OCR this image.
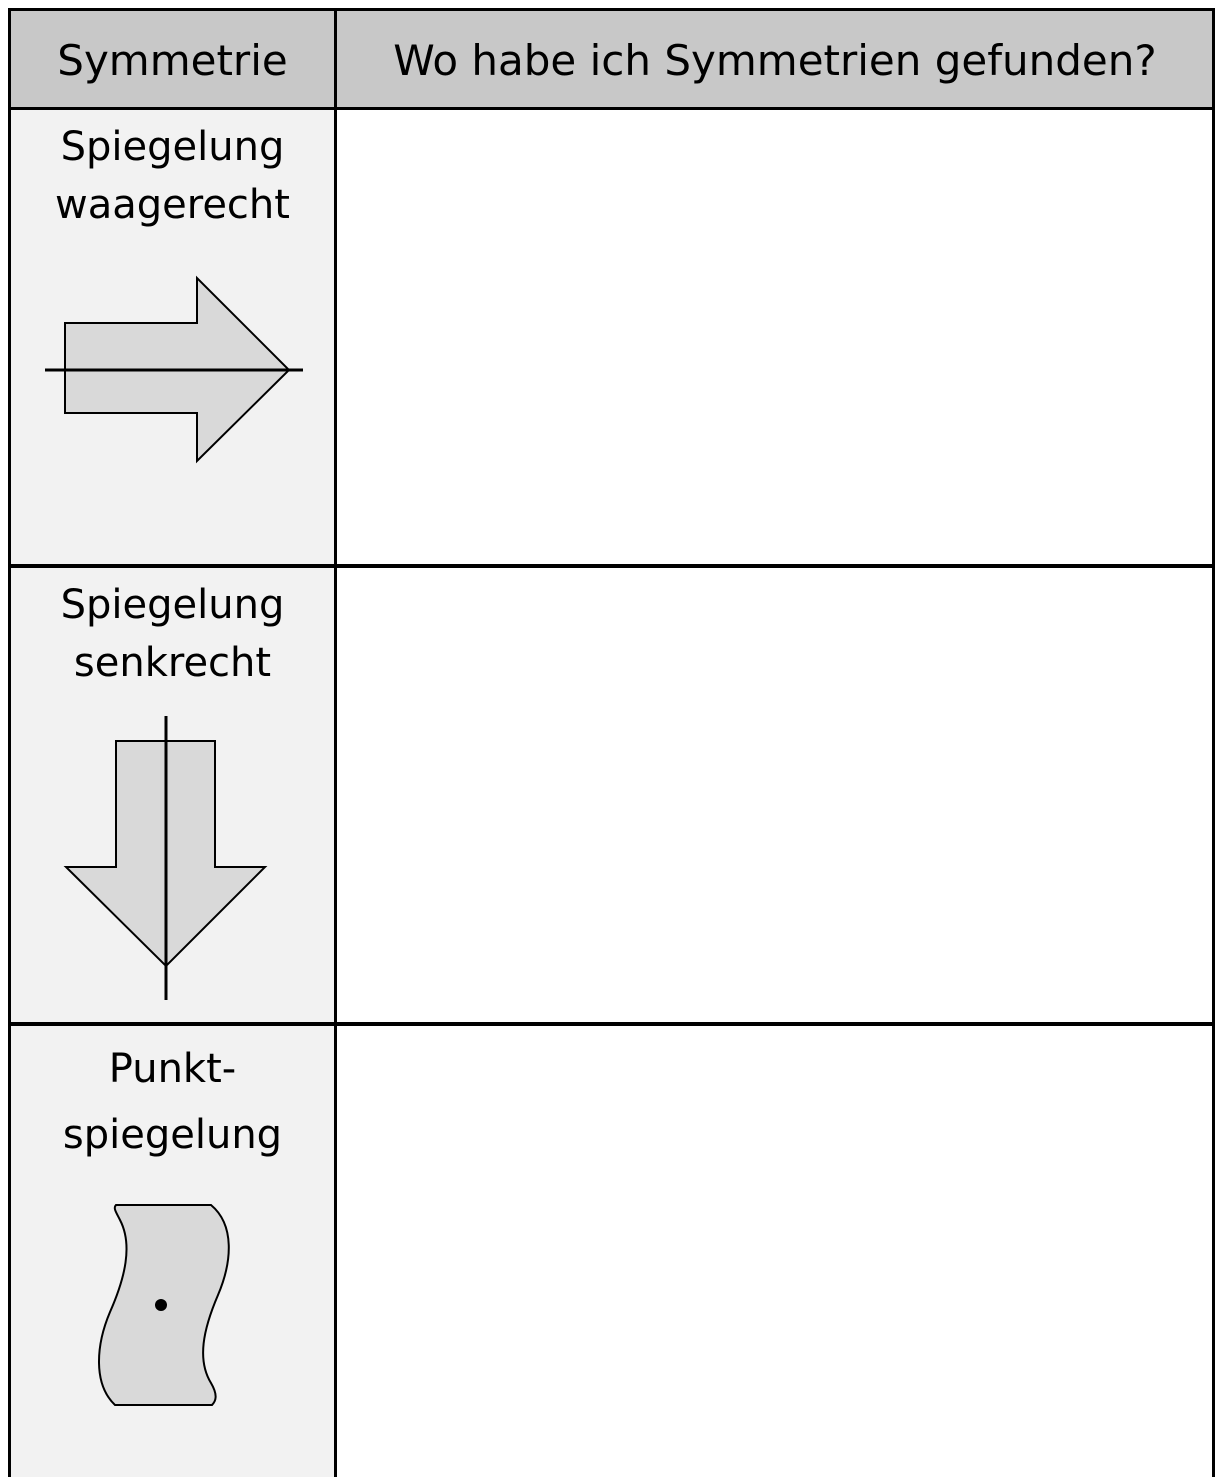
Symmetrie	Wo habe ich Symmetrien gefunden?
Spiegelung
waagerecht
Spiegelung
senkrecht
Punkt-
spiegelung
